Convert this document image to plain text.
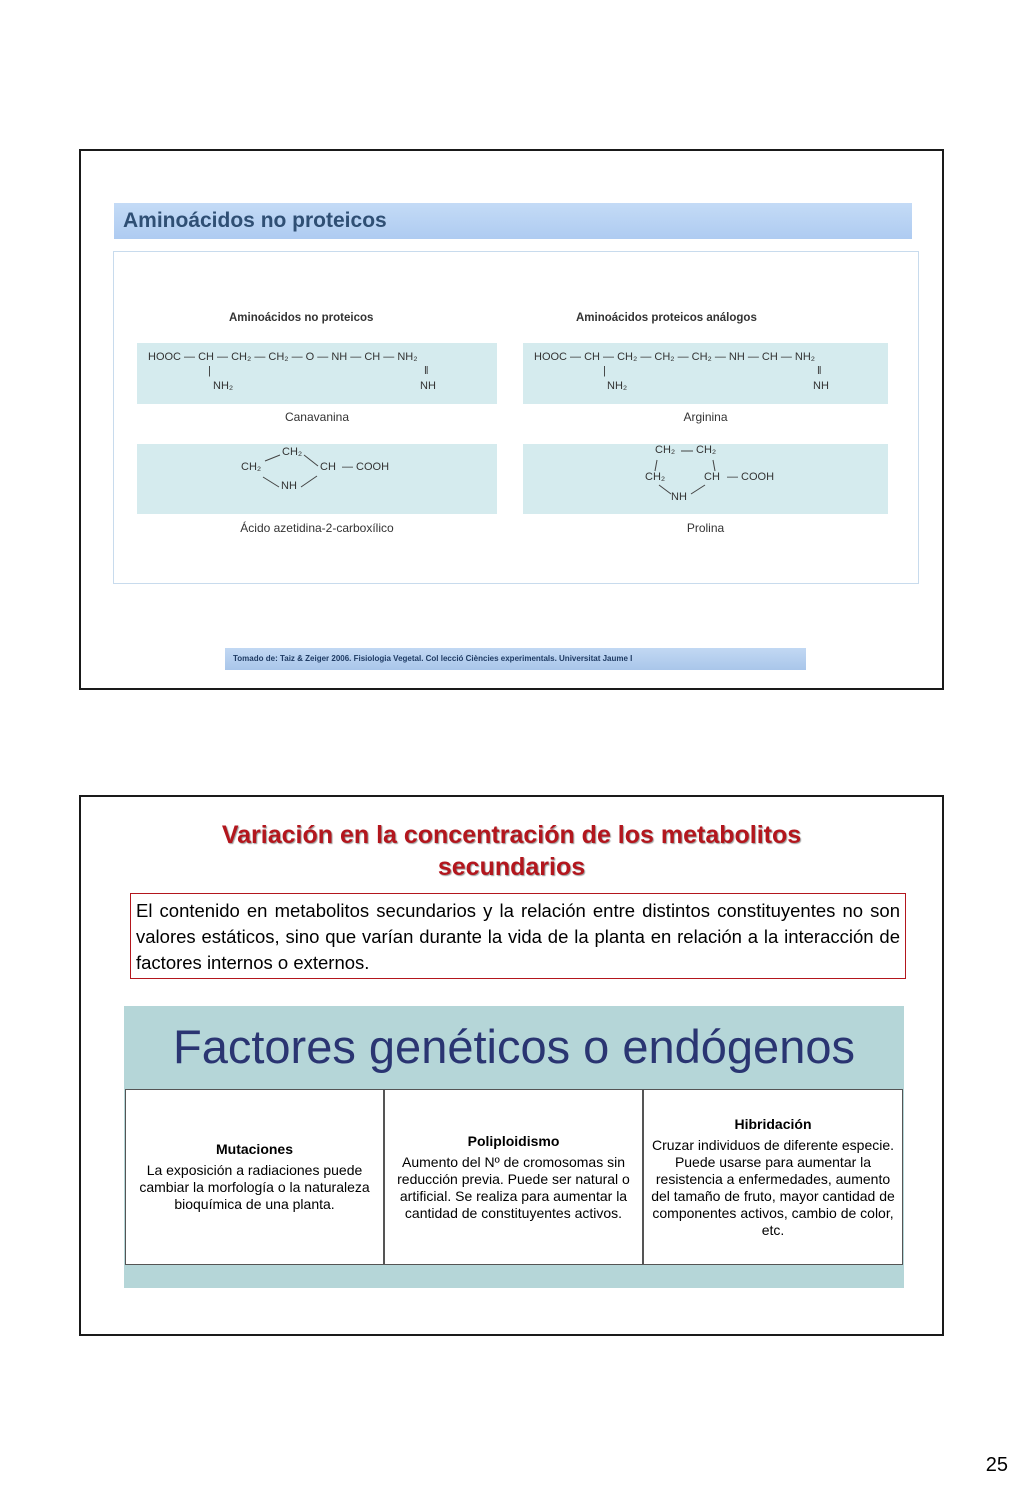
Aminoácidos no proteicos
Aminoácidos no proteicos	Aminoácidos proteicos análogos
HOOC — CH — CH₂ — CH₂ — O — NH — CH — NH₂
|
NH₂
‖
NH
Canavanina
HOOC — CH — CH₂ — CH₂ — CH₂ — NH — CH — NH₂
|
NH₂
‖
NH
Arginina
CH₂
CH₂	CH — COOH
NH
Ácido azetidina-2-carboxílico
CH₂ CH₂
CH₂	CH — COOH
NH
Prolina
Tomado de: Taiz & Zeiger 2006. Fisiologia Vegetal. Col lecció Ciències experimentals. Universitat Jaume I
Variación en la concentración de los metabolitos
secundarios
El contenido en metabolitos secundarios y la relación entre distintos constituyentes no son valores estáticos, sino que varían durante la vida de la planta en relación a la interacción de factores internos o externos.
Factores genéticos o endógenos
Mutaciones
La exposición a radiaciones puede cambiar la morfología o la naturaleza bioquímica de una planta.
Poliploidismo
Aumento del Nº de cromosomas sin reducción previa. Puede ser natural o artificial. Se realiza para aumentar la cantidad de constituyentes activos.
Hibridación
Cruzar individuos de diferente especie. Puede usarse para aumentar la resistencia a enfermedades, aumento del tamaño de fruto, mayor cantidad de componentes activos, cambio de color, etc.
25
